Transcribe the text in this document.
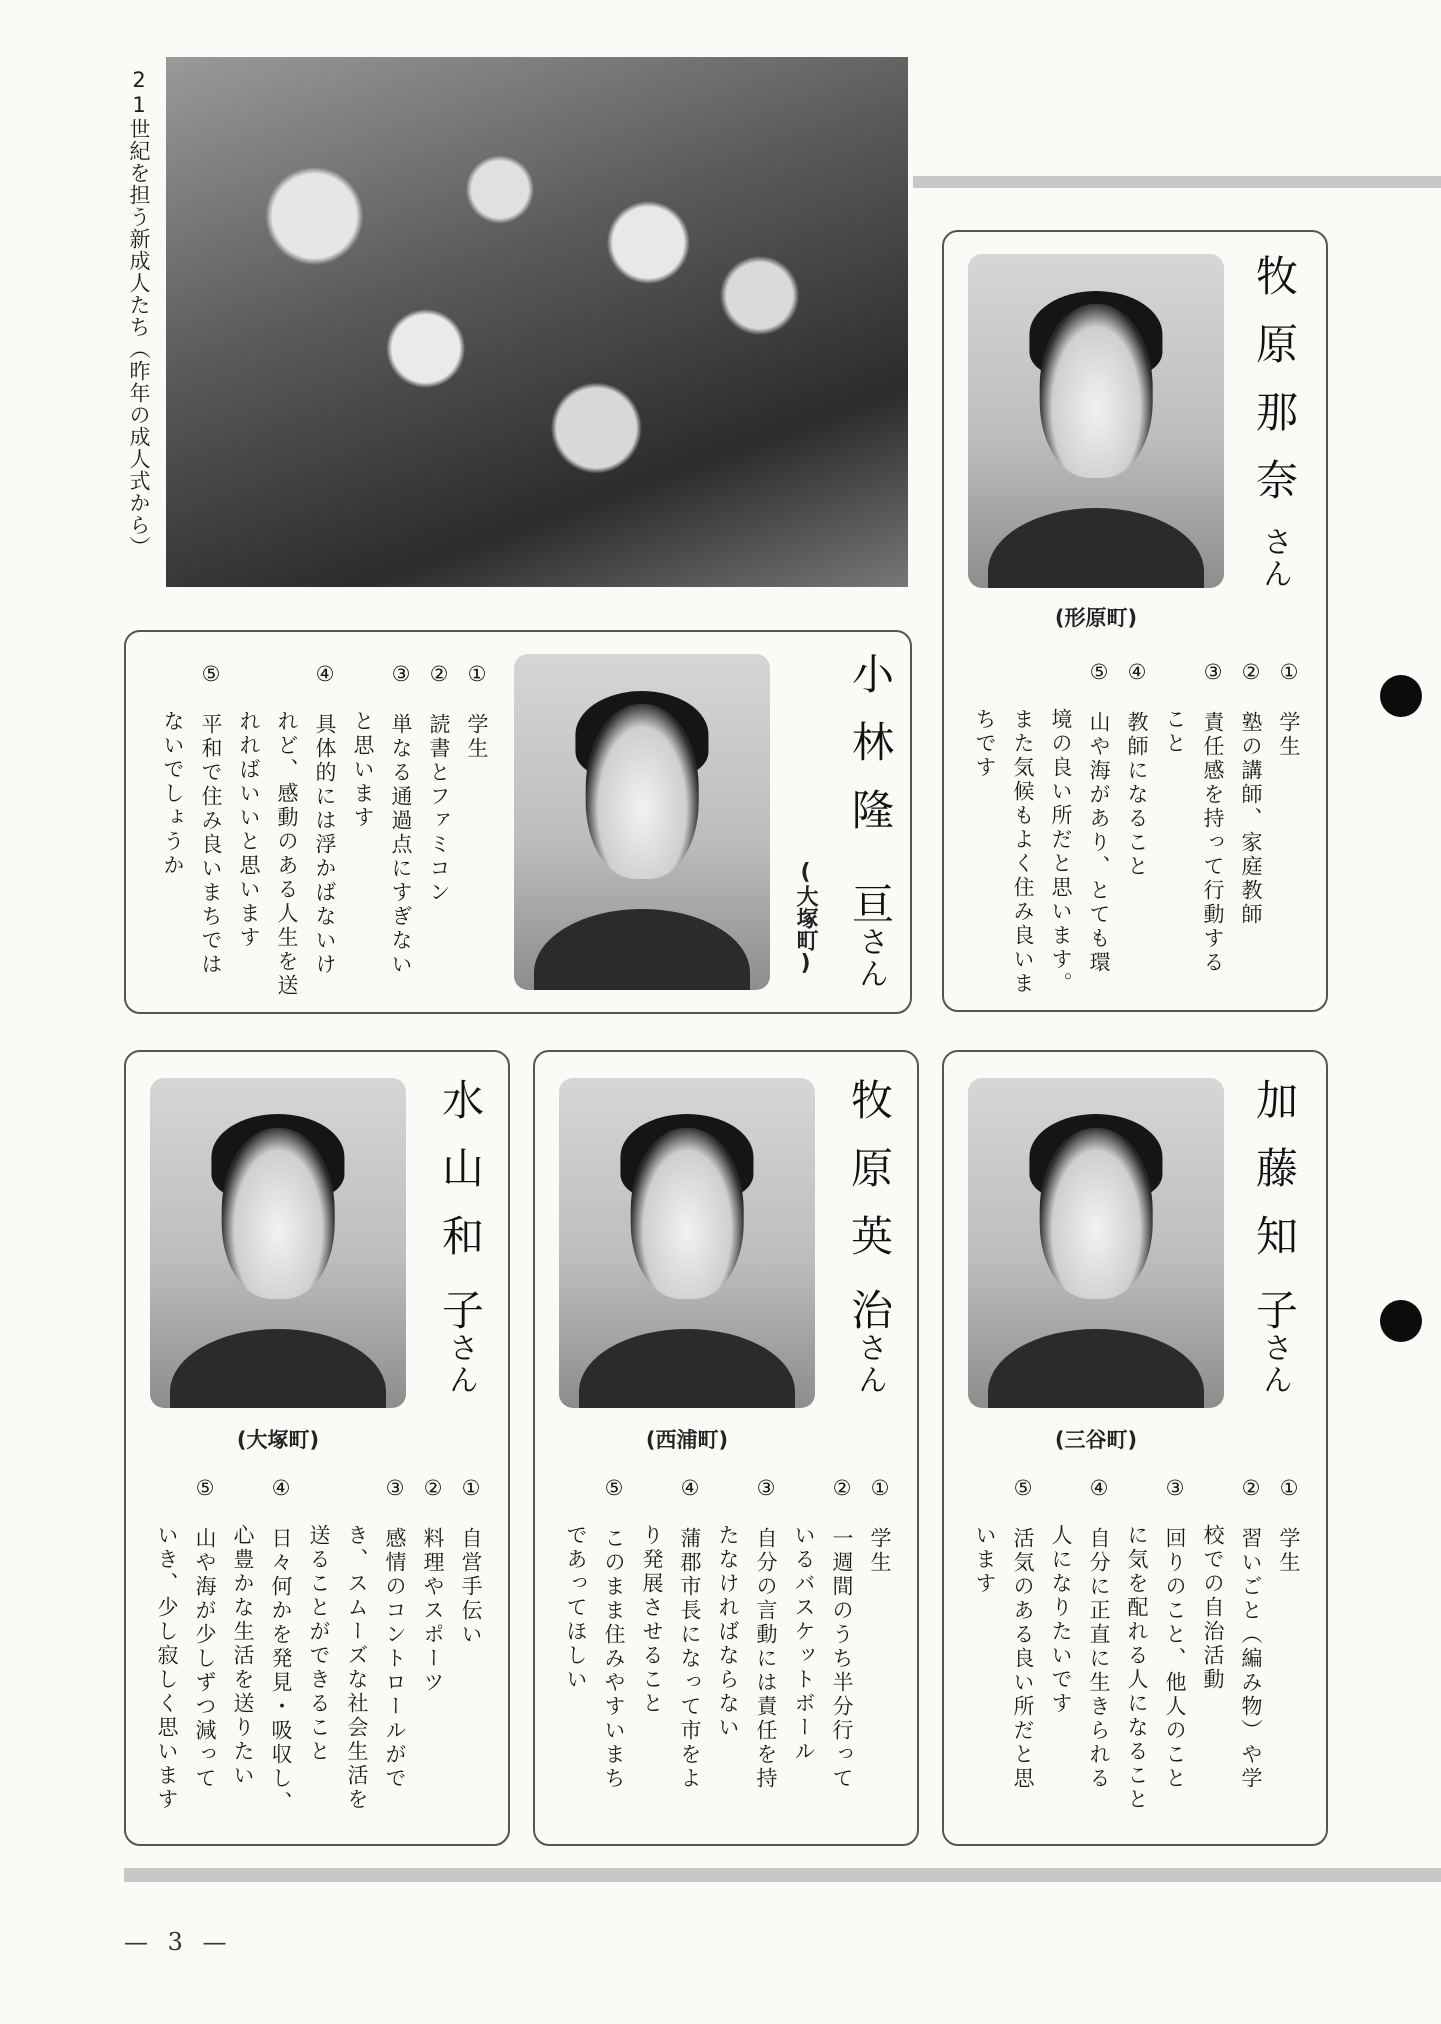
21世紀を担う新成人たち（昨年の成人式から）	牧原那奈さん
(形原町)
①　学生
②　塾の講師、家庭教師
③　責任感を持って行動する
　　こと
④　教師になること
⑤　山や海があり、とても環
　　境の良い所だと思います。
　　また気候もよく住み良いま
　　ちです
小林隆
亘さん
(大塚町)
①　学生
②　読書とファミコン
③　単なる通過点にすぎない
　　と思います
④　具体的には浮かばないけ
　　れど、感動のある人生を送
　　れればいいと思います
⑤　平和で住み良いまちでは
　　ないでしょうか
水山和
子さん
(大塚町)
①　自営手伝い
②　料理やスポーツ
③　感情のコントロールがで
　　き、スムーズな社会生活を
　　送ることができること
④　日々何かを発見・吸収し、
　　心豊かな生活を送りたい
⑤　山や海が少しずつ減って
　　いき、少し寂しく思います
牧原英
治さん
(西浦町)
①　学生
②　一週間のうち半分行って
　　いるバスケットボール
③　自分の言動には責任を持
　　たなければならない
④　蒲郡市長になって市をよ
　　り発展させること
⑤　このまま住みやすいまち
　　であってほしい
加藤知
子さん
(三谷町)
①　学生
②　習いごと（編み物）や学
　　校での自治活動
③　回りのこと、他人のこと
　　に気を配れる人になること
④　自分に正直に生きられる
　　人になりたいです
⑤　活気のある良い所だと思
　　います
— 3 —
